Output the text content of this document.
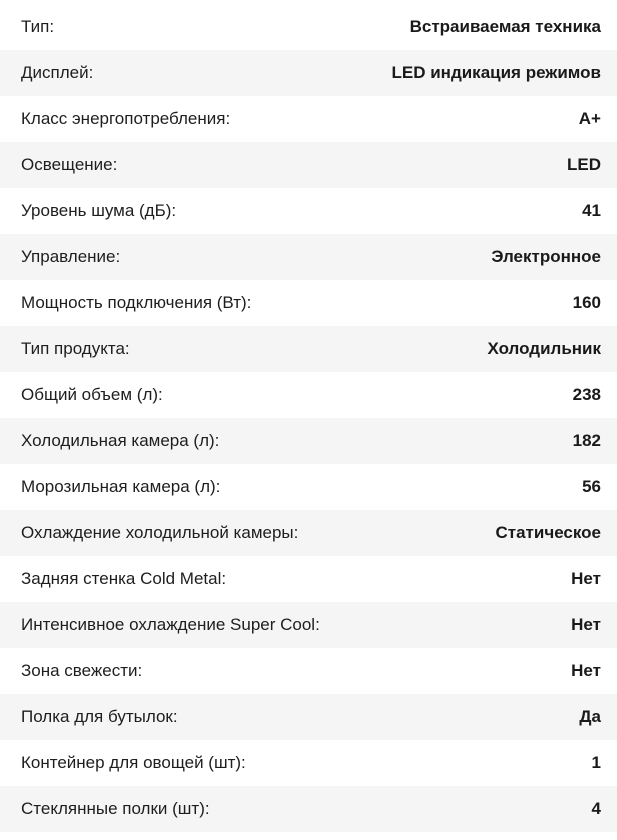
Тип:	Встраиваемая техника
Дисплей:	LED индикация режимов
Класс энергопотребления:	A+
Освещение:	LED
Уровень шума (дБ):	41
Управление:	Электронное
Мощность подключения (Вт):	160
Тип продукта:	Холодильник
Общий объем (л):	238
Холодильная камера (л):	182
Морозильная камера (л):	56
Охлаждение холодильной камеры:	Статическое
Задняя стенка Cold Metal:	Нет
Интенсивное охлаждение Super Cool:	Нет
Зона свежести:	Нет
Полка для бутылок:	Да
Контейнер для овощей (шт):	1
Стеклянные полки (шт):	4
